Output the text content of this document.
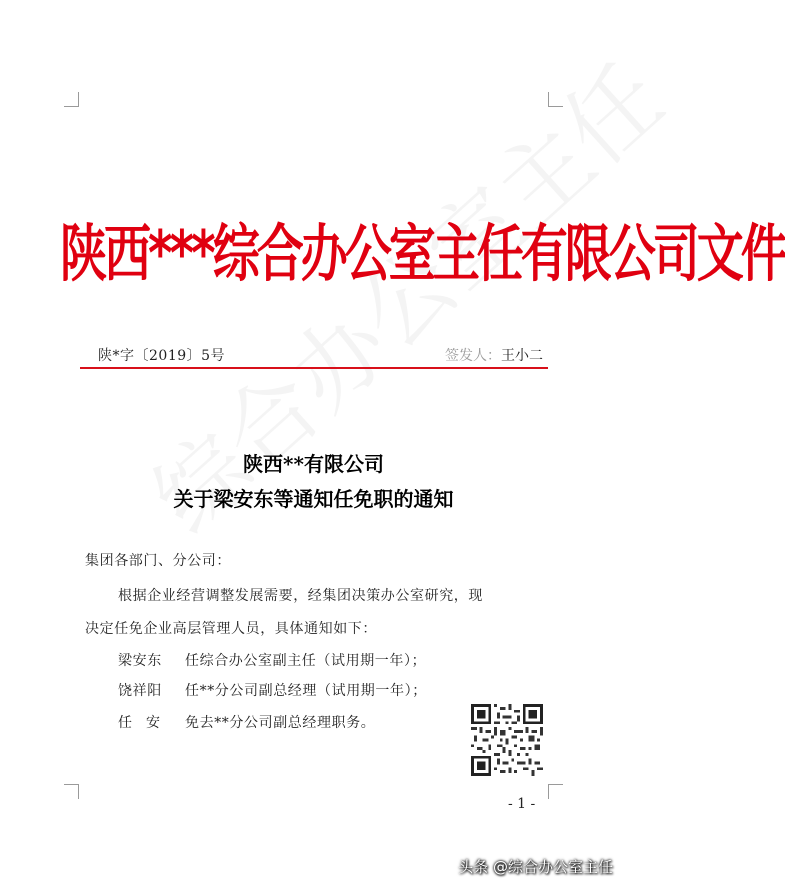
陕西***综合办公室主任有限公司文件
陕*字〔2019〕5号	签发人：王小二
陕西**有限公司
关于梁安东等通知任免职的通知
集团各部门、分公司：
根据企业经营调整发展需要，经集团决策办公室研究，现
决定任免企业高层管理人员，具体通知如下：
梁安东 任综合办公室副主任（试用期一年）；
饶祥阳 任**分公司副总经理（试用期一年）；
任安 免去**分公司副总经理职务。
- 1 -
头条 @综合办公室主任
